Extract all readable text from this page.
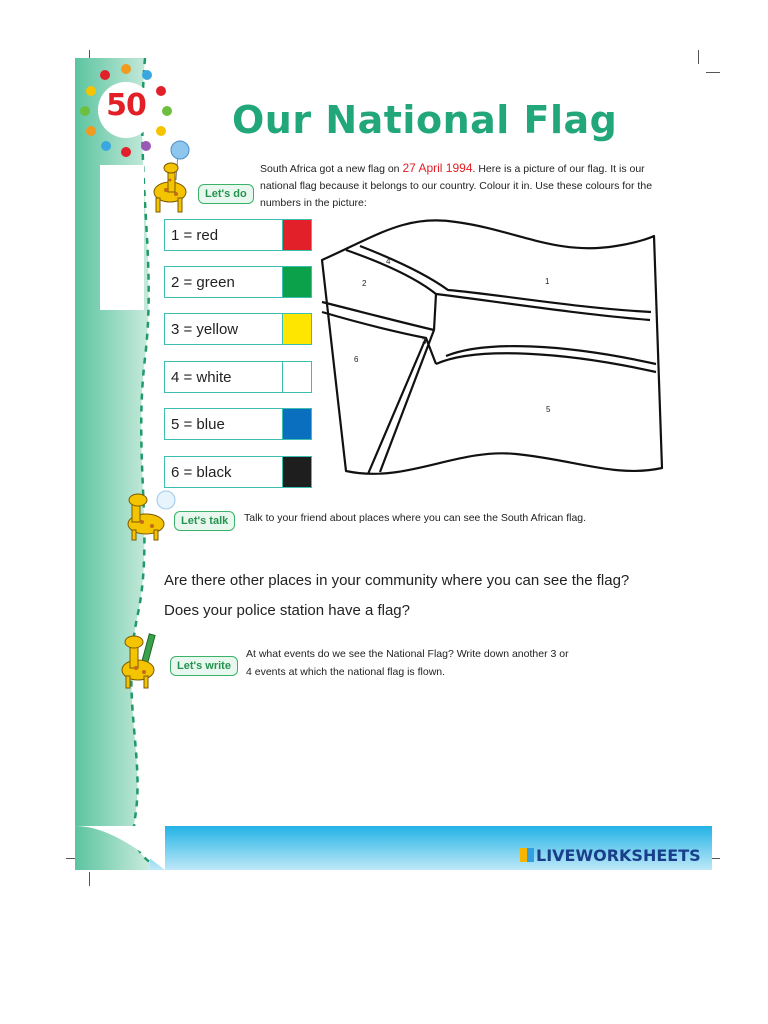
50	Our National Flag
Let's do
South Africa got a new flag on 27 April 1994. Here is a picture of our flag. It is our national flag because it belongs to our country. Colour it in. Use these colours for the numbers in the picture:
1 = red
2 = green
3 = yellow
4 = white
5 = blue
6 = black
1
2
3
4
5
6
Let's talk	Talk to your friend about places where you can see the South African flag.
Are there other places in your community where you can see the flag?
Does your police station have a flag?
Let's write
At what events do we see the National Flag? Write down another 3 or
4 events at which the national flag is flown.
LIVEWORKSHEETS
